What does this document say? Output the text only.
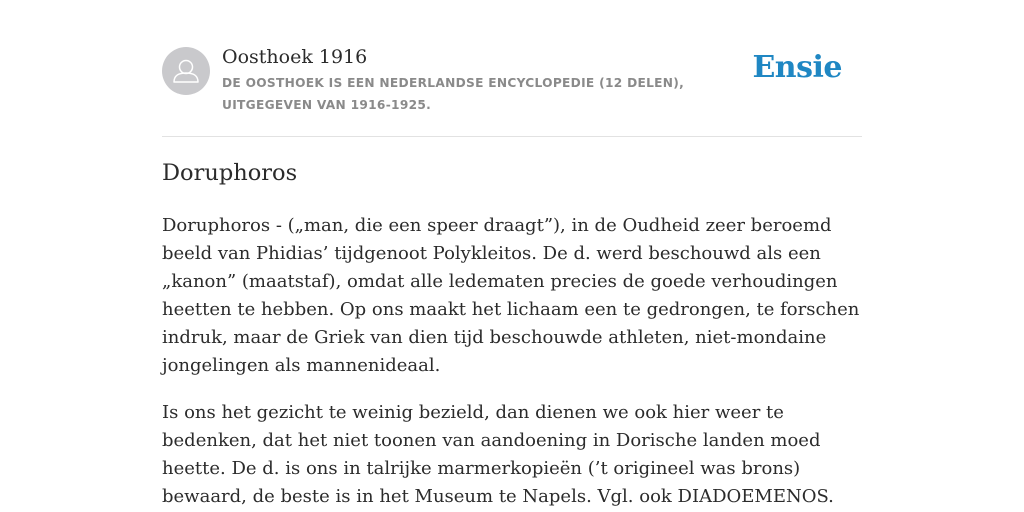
Oosthoek 1916
DE OOSTHOEK IS EEN NEDERLANDSE ENCYCLOPEDIE (12 DELEN), UITGEGEVEN VAN 1916-1925.
Ensie
Doruphoros

Doruphoros - („man, die een speer draagt”), in de Oudheid zeer beroemd beeld van Phidias’ tijdgenoot Polykleitos. De d. werd beschouwd als een „kanon” (maatstaf), omdat alle ledematen precies de goede verhoudingen heetten te hebben. Op ons maakt het lichaam een te gedrongen, te forschen indruk, maar de Griek van dien tijd beschouwde athleten, niet-mondaine jongelingen als mannenideaal.

Is ons het gezicht te weinig bezield, dan dienen we ook hier weer te bedenken, dat het niet toonen van aandoening in Dorische landen moed heette. De d. is ons in talrijke marmerkopieën (’t origineel was brons) bewaard, de beste is in het Museum te Napels. Vgl. ook DIADOEMENOS.
